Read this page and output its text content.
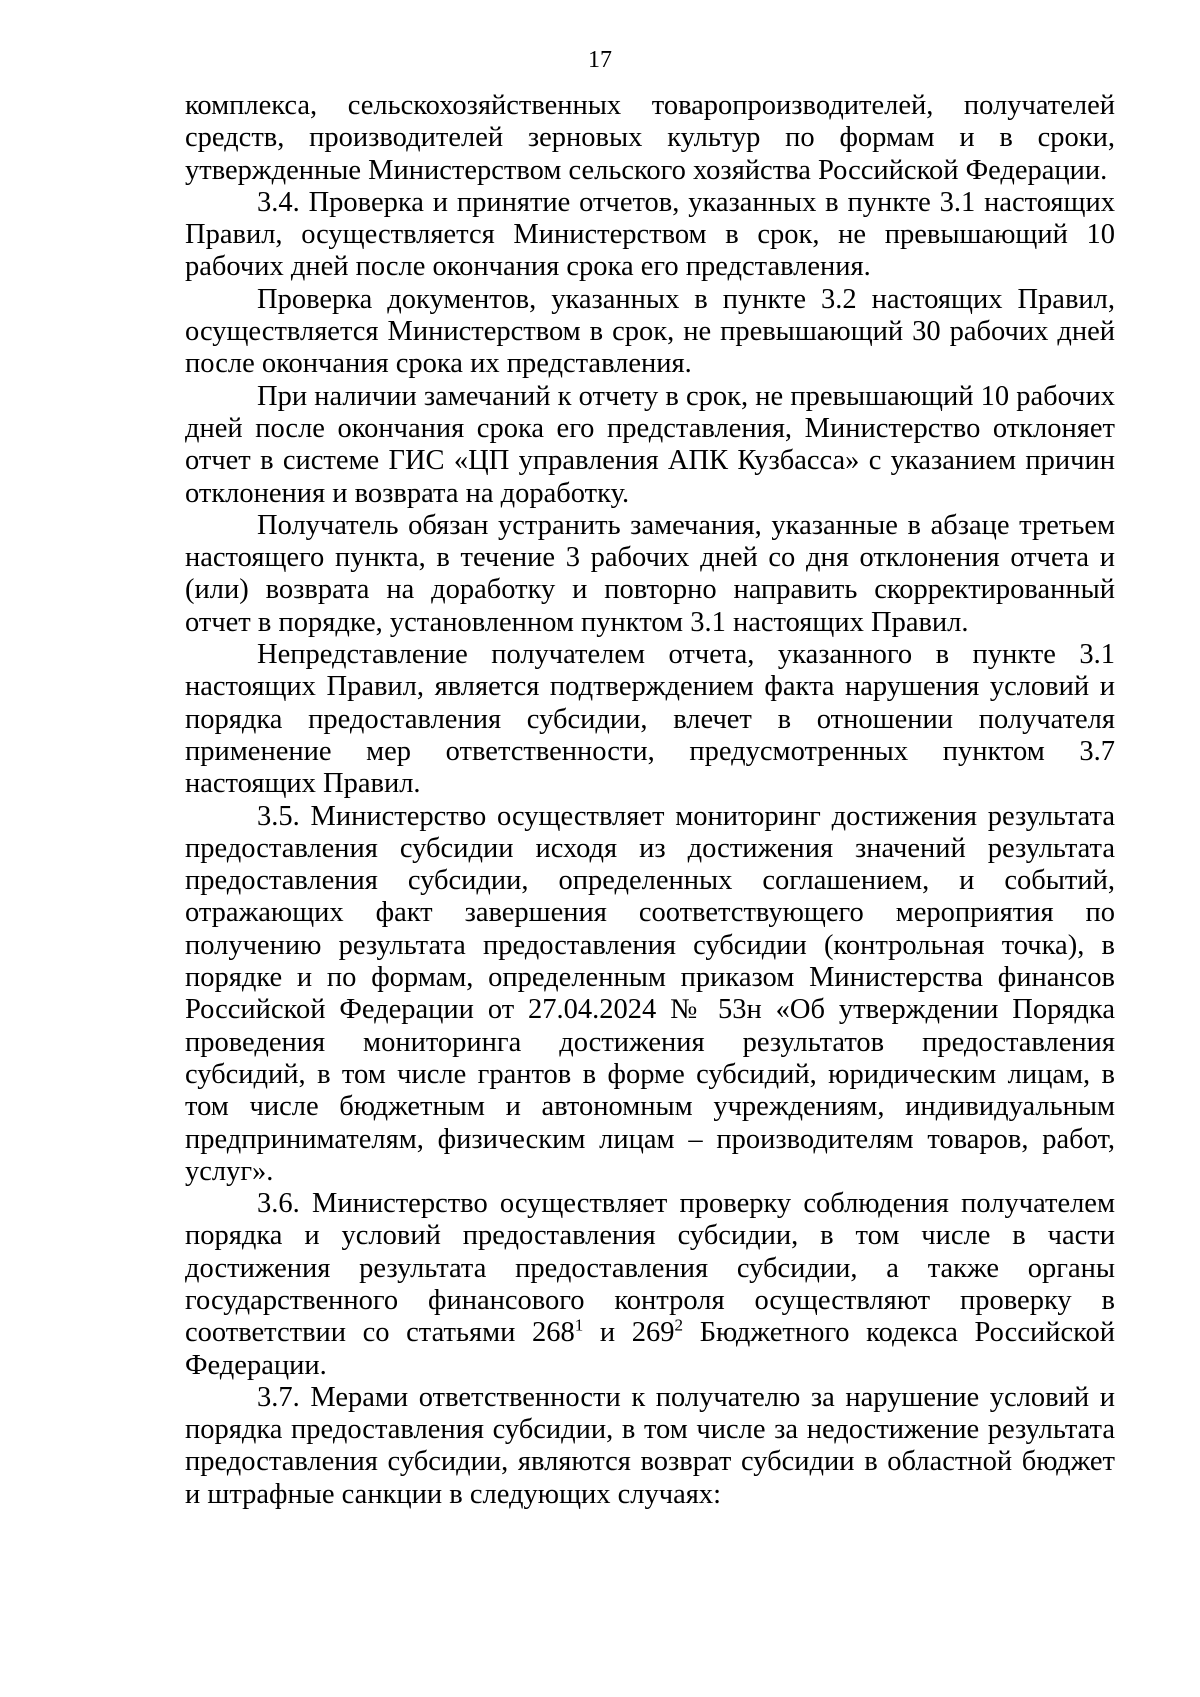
17

комплекса, сельскохозяйственных товаропроизводителей, получателей средств, производителей зерновых культур по формам и в сроки, утвержденные Министерством сельского хозяйства Российской Федерации.

3.4. Проверка и принятие отчетов, указанных в пункте 3.1 настоящих Правил, осуществляется Министерством в срок, не превышающий 10 рабочих дней после окончания срока его представления.

Проверка документов, указанных в пункте 3.2 настоящих Правил, осуществляется Министерством в срок, не превышающий 30 рабочих дней после окончания срока их представления.

При наличии замечаний к отчету в срок, не превышающий 10 рабочих дней после окончания срока его представления, Министерство отклоняет отчет в системе ГИС «ЦП управления АПК Кузбасса» с указанием причин отклонения и возврата на доработку.

Получатель обязан устранить замечания, указанные в абзаце третьем настоящего пункта, в течение 3 рабочих дней со дня отклонения отчета и (или) возврата на доработку и повторно направить скорректированный отчет в порядке, установленном пунктом 3.1 настоящих Правил.

Непредставление получателем отчета, указанного в пункте 3.1 настоящих Правил, является подтверждением факта нарушения условий и порядка предоставления субсидии, влечет в отношении получателя применение мер ответственности, предусмотренных пунктом 3.7 настоящих Правил.

3.5. Министерство осуществляет мониторинг достижения результата предоставления субсидии исходя из достижения значений результата предоставления субсидии, определенных соглашением, и событий, отражающих факт завершения соответствующего мероприятия по получению результата предоставления субсидии (контрольная точка), в порядке и по формам, определенным приказом Министерства финансов Российской Федерации от 27.04.2024 № 53н «Об утверждении Порядка проведения мониторинга достижения результатов предоставления субсидий, в том числе грантов в форме субсидий, юридическим лицам, в том числе бюджетным и автономным учреждениям, индивидуальным предпринимателям, физическим лицам – производителям товаров, работ, услуг».

3.6. Министерство осуществляет проверку соблюдения получателем порядка и условий предоставления субсидии, в том числе в части достижения результата предоставления субсидии, а также органы государственного финансового контроля осуществляют проверку в соответствии со статьями $268^1$ и $269^2$ Бюджетного кодекса Российской Федерации.

3.7. Мерами ответственности к получателю за нарушение условий и порядка предоставления субсидии, в том числе за недостижение результата предоставления субсидии, являются возврат субсидии в областной бюджет и штрафные санкции в следующих случаях:
